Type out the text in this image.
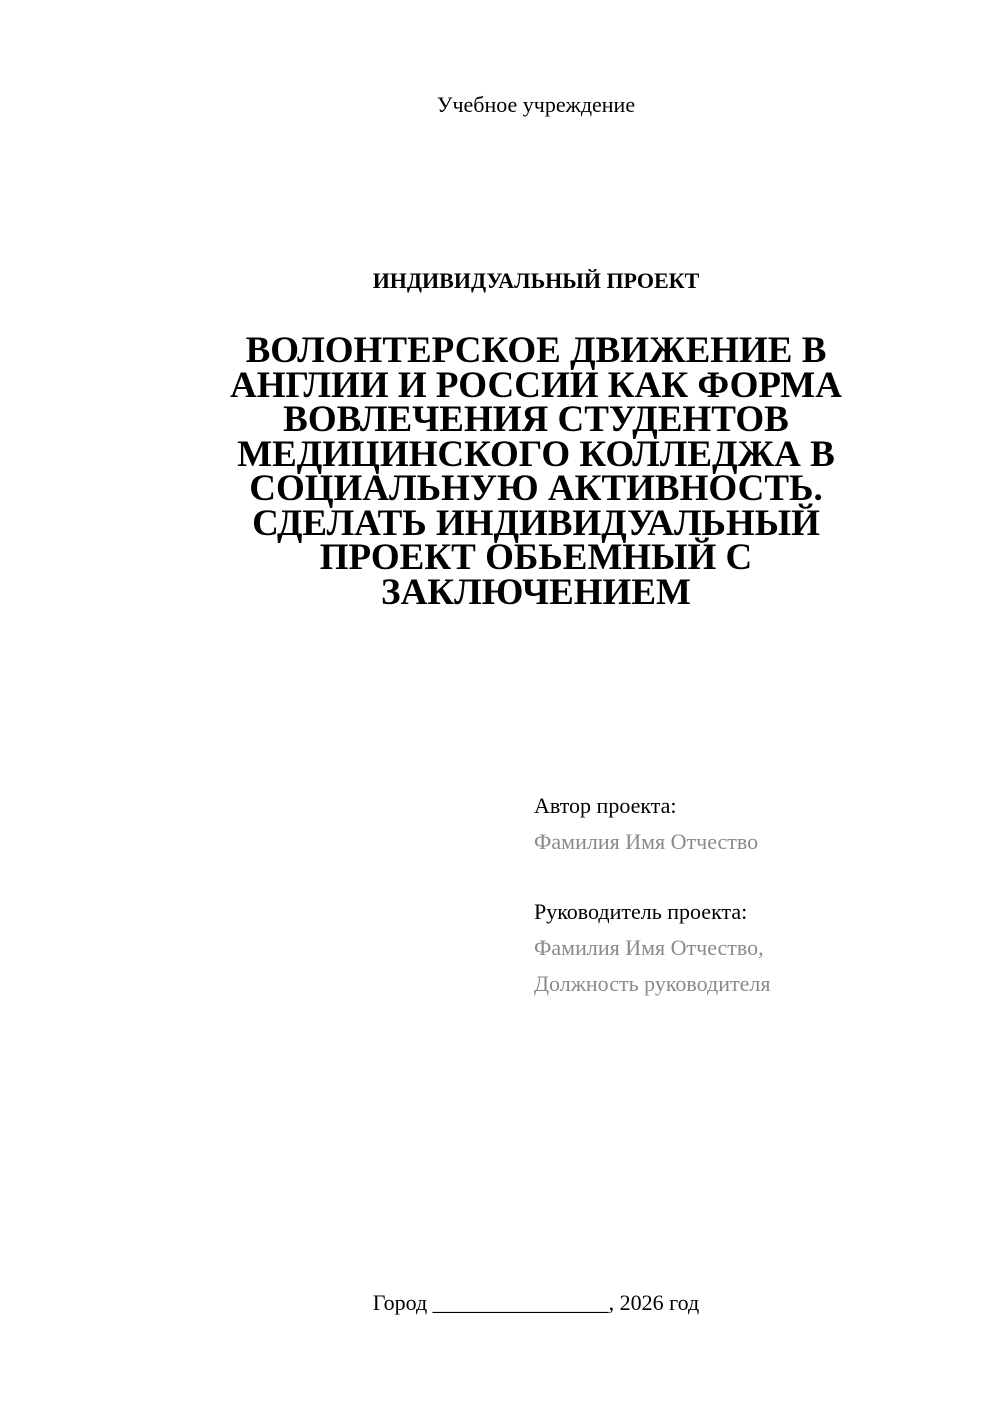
Учебное учреждение
ИНДИВИДУАЛЬНЫЙ ПРОЕКТ
ВОЛОНТЕРСКОЕ ДВИЖЕНИЕ В
АНГЛИИ И РОССИИ КАК ФОРМА
ВОВЛЕЧЕНИЯ СТУДЕНТОВ
МЕДИЦИНСКОГО КОЛЛЕДЖА В
СОЦИАЛЬНУЮ АКТИВНОСТЬ.
СДЕЛАТЬ ИНДИВИДУАЛЬНЫЙ
ПРОЕКТ ОБЬЕМНЫЙ С
ЗАКЛЮЧЕНИЕМ
Автор проекта:
Фамилия Имя Отчество
Руководитель проекта:
Фамилия Имя Отчество,
Должность руководителя
Город ________________, 2026 год
